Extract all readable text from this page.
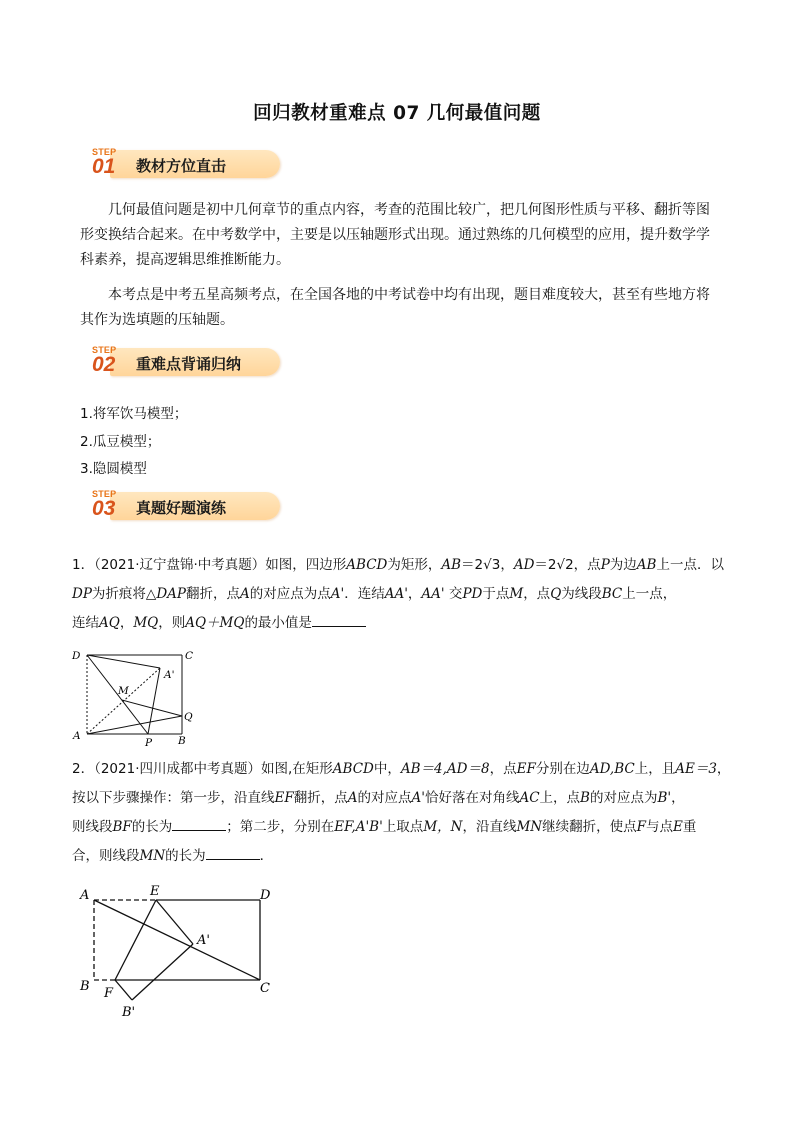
回归教材重难点 07 几何最值问题
教材方位直击
STEP
01

几何最值问题是初中几何章节的重点内容，考查的范围比较广，把几何图形性质与平移、翻折等图形变换结合起来。在中考数学中，主要是以压轴题形式出现。通过熟练的几何模型的应用，提升数学学科素养，提高逻辑思维推断能力。

本考点是中考五星高频考点，在全国各地的中考试卷中均有出现，题目难度较大，甚至有些地方将其作为选填题的压轴题。

重难点背诵归纳
STEP
02
1.将军饮马模型；
2.瓜豆模型；
3.隐圆模型
真题好题演练
STEP
03

1．（2021·辽宁盘锦·中考真题）如图，四边形ABCD为矩形，AB＝2√3，AD＝2√2，点P为边AB上一点．以
DP为折痕将△DAP翻折，点A的对应点为点A'．连结AA'，AA' 交PD于点M，点Q为线段BC上一点，
连结AQ，MQ，则AQ＋MQ的最小值是

D	C
A'
M
Q
A
P B

2．（2021·四川成都中考真题）如图,在矩形ABCD中，AB＝4,AD＝8，点EF分别在边AD,BC上，且AE＝3，
按以下步骤操作：第一步，沿直线EF翻折，点A的对应点A'恰好落在对角线AC上，点B的对应点为B'，
则线段BF的长为	；第二步，分别在EF,A'B'上取点M，N，沿直线MN继续翻折，使点F与点E重
合，则线段MN的长为	．

A	E	D
A'
B F	C
B'
